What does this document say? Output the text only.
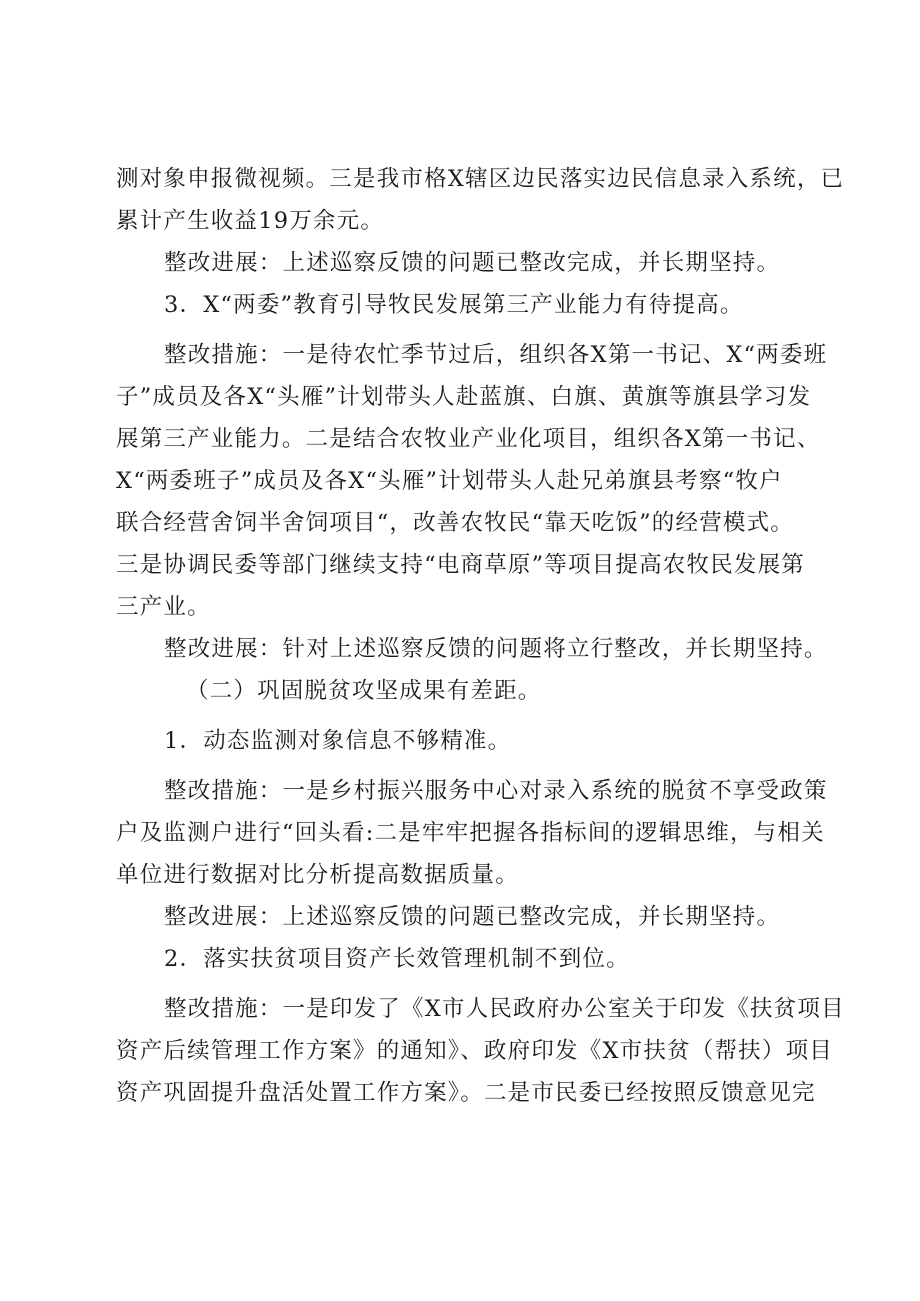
测对象申报微视频。三是我市格X辖区边民落实边民信息录入系统，已
累计产生收益19万余元。

整改进展：上述巡察反馈的问题已整改完成，并长期坚持。

3．X“两委”教育引导牧民发展第三产业能力有待提高。

整改措施：一是待农忙季节过后，组织各X第一书记、X“两委班
子”成员及各X“头雁”计划带头人赴蓝旗、白旗、黄旗等旗县学习发
展第三产业能力。二是结合农牧业产业化项目，组织各X第一书记、
X“两委班子”成员及各X“头雁”计划带头人赴兄弟旗县考察“牧户
联合经营舍饲半舍饲项目“，改善农牧民“靠天吃饭”的经营模式。
三是协调民委等部门继续支持“电商草原”等项目提高农牧民发展第
三产业。

整改进展：针对上述巡察反馈的问题将立行整改，并长期坚持。

（二）巩固脱贫攻坚成果有差距。

1．动态监测对象信息不够精准。

整改措施：一是乡村振兴服务中心对录入系统的脱贫不享受政策
户及监测户进行“回头看:二是牢牢把握各指标间的逻辑思维，与相关
单位进行数据对比分析提高数据质量。

整改进展：上述巡察反馈的问题已整改完成，并长期坚持。

2．落实扶贫项目资产长效管理机制不到位。

整改措施：一是印发了《X市人民政府办公室关于印发《扶贫项目
资产后续管理工作方案》的通知》、政府印发《X市扶贫（帮扶）项目
资产巩固提升盘活处置工作方案》。二是市民委已经按照反馈意见完
